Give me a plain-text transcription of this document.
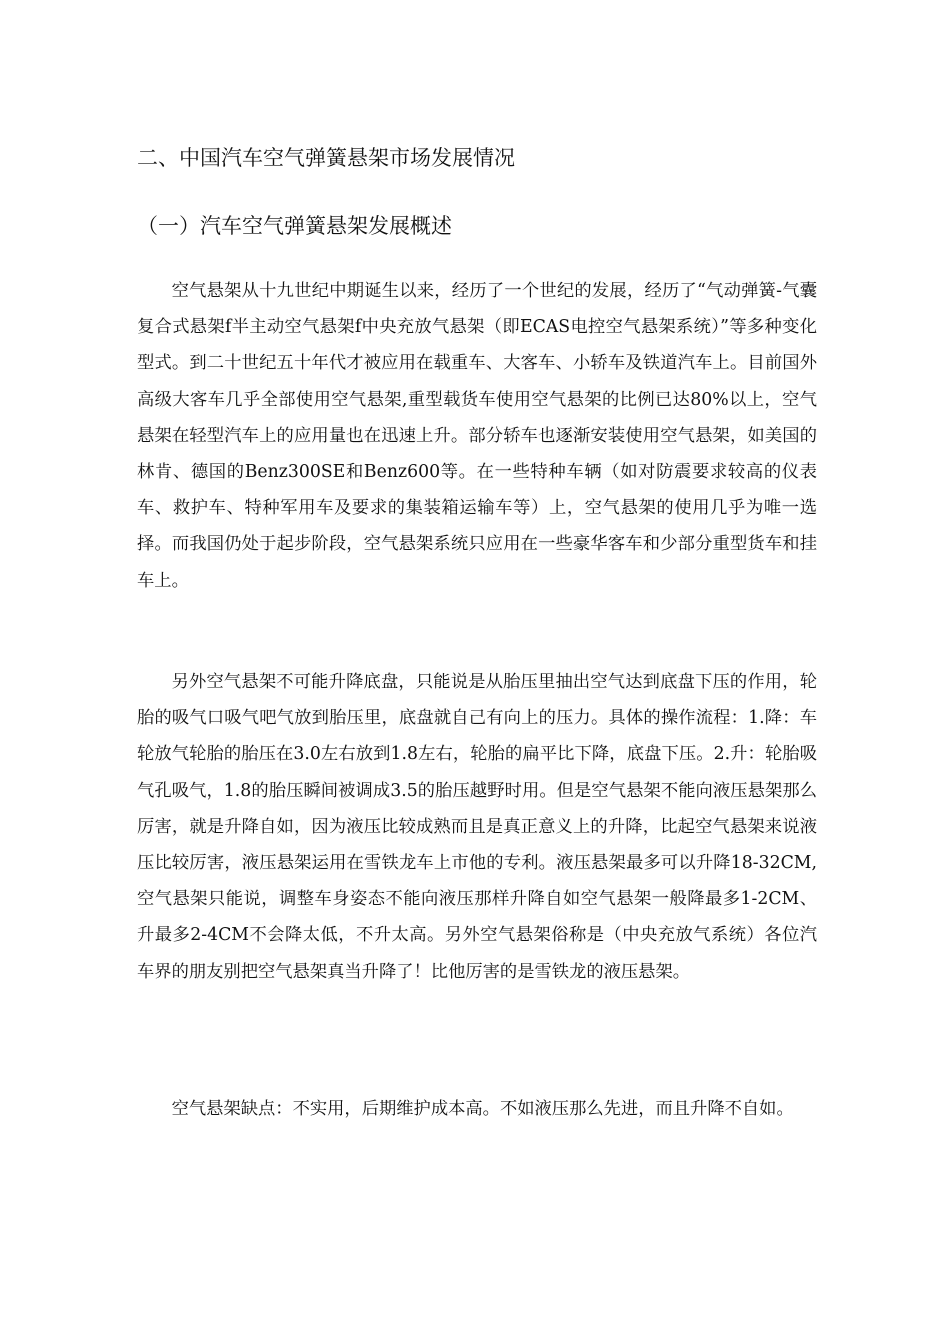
二、中国汽车空气弹簧悬架市场发展情况
（一）汽车空气弹簧悬架发展概述

空气悬架从十九世纪中期诞生以来，经历了一个世纪的发展，经历了“气动弹簧-气囊复合式悬架f半主动空气悬架f中央充放气悬架（即ECAS电控空气悬架系统）”等多种变化型式。到二十世纪五十年代才被应用在载重车、大客车、小轿车及铁道汽车上。目前国外高级大客车几乎全部使用空气悬架,重型载货车使用空气悬架的比例已达80%以上，空气悬架在轻型汽车上的应用量也在迅速上升。部分轿车也逐渐安装使用空气悬架，如美国的林肯、德国的Benz300SE和Benz600等。在一些特种车辆（如对防震要求较高的仪表车、救护车、特种军用车及要求的集装箱运输车等）上，空气悬架的使用几乎为唯一选择。而我国仍处于起步阶段，空气悬架系统只应用在一些豪华客车和少部分重型货车和挂车上。

另外空气悬架不可能升降底盘，只能说是从胎压里抽出空气达到底盘下压的作用，轮胎的吸气口吸气吧气放到胎压里，底盘就自己有向上的压力。具体的操作流程：1.降：车轮放气轮胎的胎压在3.0左右放到1.8左右，轮胎的扁平比下降，底盘下压。2.升：轮胎吸气孔吸气，1.8的胎压瞬间被调成3.5的胎压越野时用。但是空气悬架不能向液压悬架那么厉害，就是升降自如，因为液压比较成熟而且是真正意义上的升降，比起空气悬架来说液压比较厉害，液压悬架运用在雪铁龙车上市他的专利。液压悬架最多可以升降18-32CM,空气悬架只能说，调整车身姿态不能向液压那样升降自如空气悬架一般降最多1-2CM、升最多2-4CM不会降太低，不升太高。另外空气悬架俗称是（中央充放气系统）各位汽车界的朋友别把空气悬架真当升降了！比他厉害的是雪铁龙的液压悬架。

空气悬架缺点：不实用，后期维护成本高。不如液压那么先进，而且升降不自如。
